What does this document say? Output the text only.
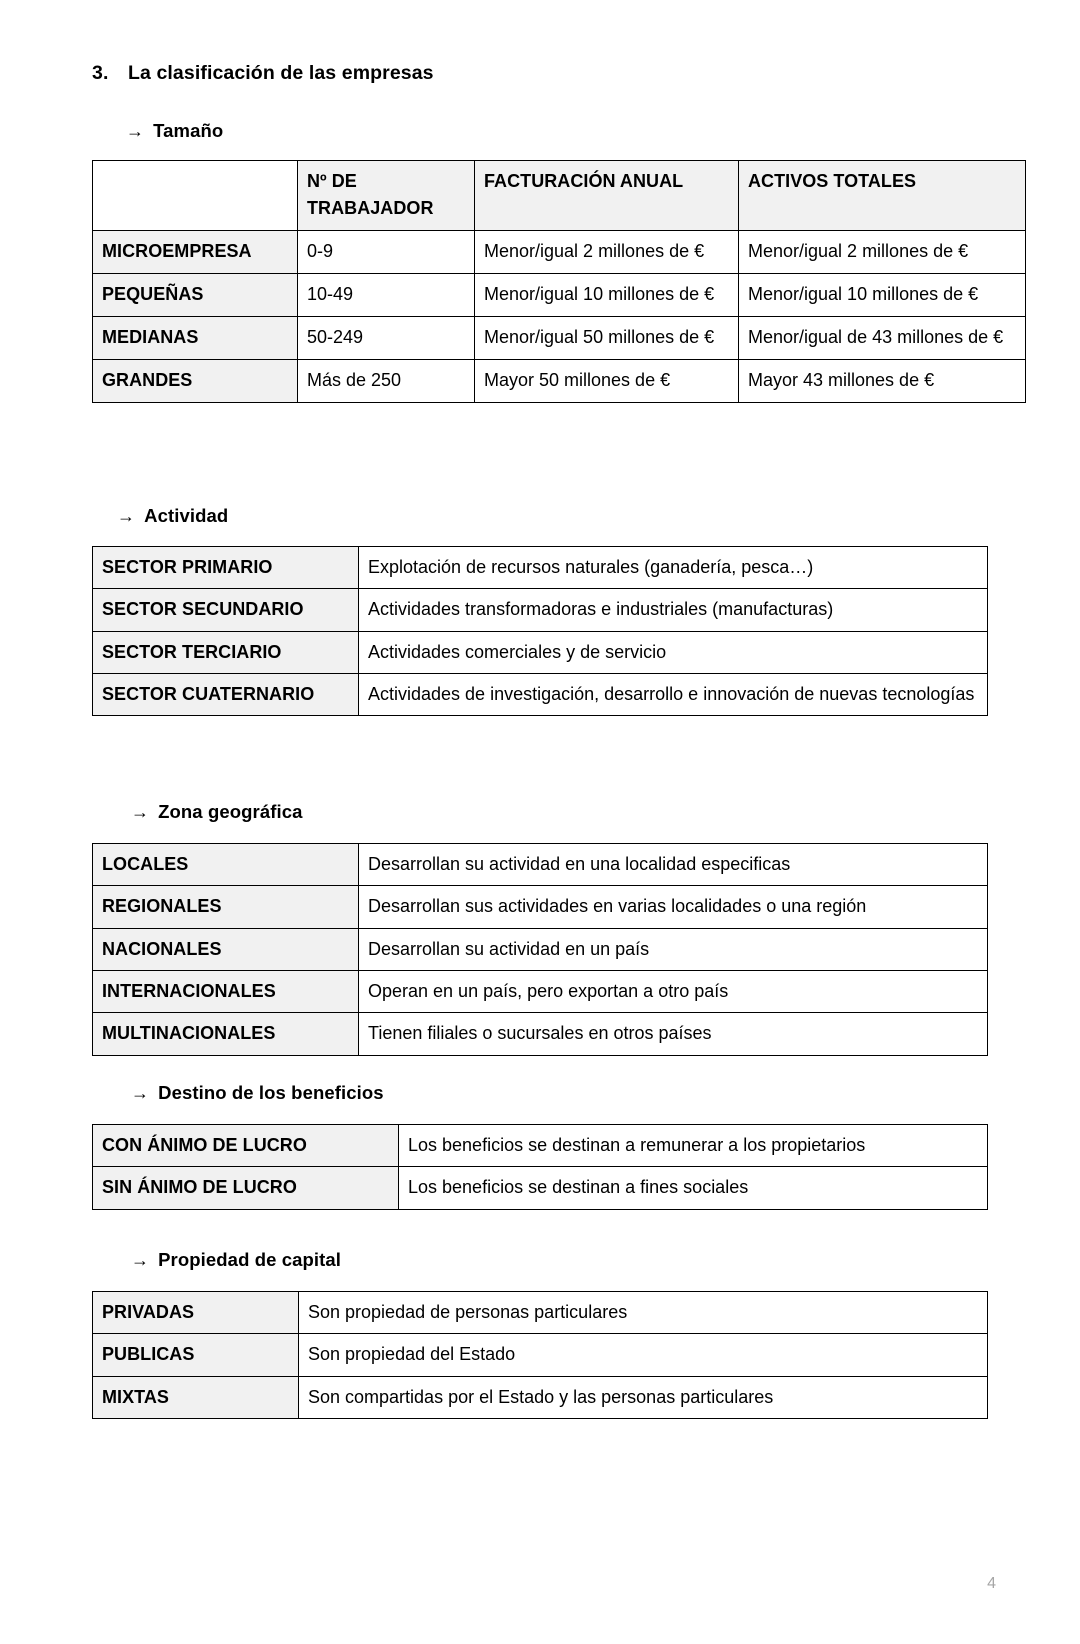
3. La clasificación de las empresas
→ Tamaño
	Nº DE TRABAJADOR	FACTURACIÓN ANUAL	ACTIVOS TOTALES
MICROEMPRESA	0-9	Menor/igual 2 millones de €	Menor/igual 2 millones de €
PEQUEÑAS	10-49	Menor/igual 10 millones de €	Menor/igual 10 millones de €
MEDIANAS	50-249	Menor/igual 50 millones de €	Menor/igual de 43 millones de €
GRANDES	Más de 250	Mayor 50 millones de €	Mayor 43 millones de €
→ Actividad
SECTOR PRIMARIO	Explotación de recursos naturales (ganadería, pesca…)
SECTOR SECUNDARIO	Actividades transformadoras e industriales (manufacturas)
SECTOR TERCIARIO	Actividades comerciales y de servicio
SECTOR CUATERNARIO	Actividades de investigación, desarrollo e innovación de nuevas tecnologías
→ Zona geográfica
LOCALES	Desarrollan su actividad en una localidad especificas
REGIONALES	Desarrollan sus actividades en varias localidades o una región
NACIONALES	Desarrollan su actividad en un país
INTERNACIONALES	Operan en un país, pero exportan a otro país
MULTINACIONALES	Tienen filiales o sucursales en otros países
→ Destino de los beneficios
CON ÁNIMO DE LUCRO	Los beneficios se destinan a remunerar a los propietarios
SIN ÁNIMO DE LUCRO	Los beneficios se destinan a fines sociales
→ Propiedad de capital
PRIVADAS	Son propiedad de personas particulares
PUBLICAS	Son propiedad del Estado
MIXTAS	Son compartidas por el Estado y las personas particulares
4
